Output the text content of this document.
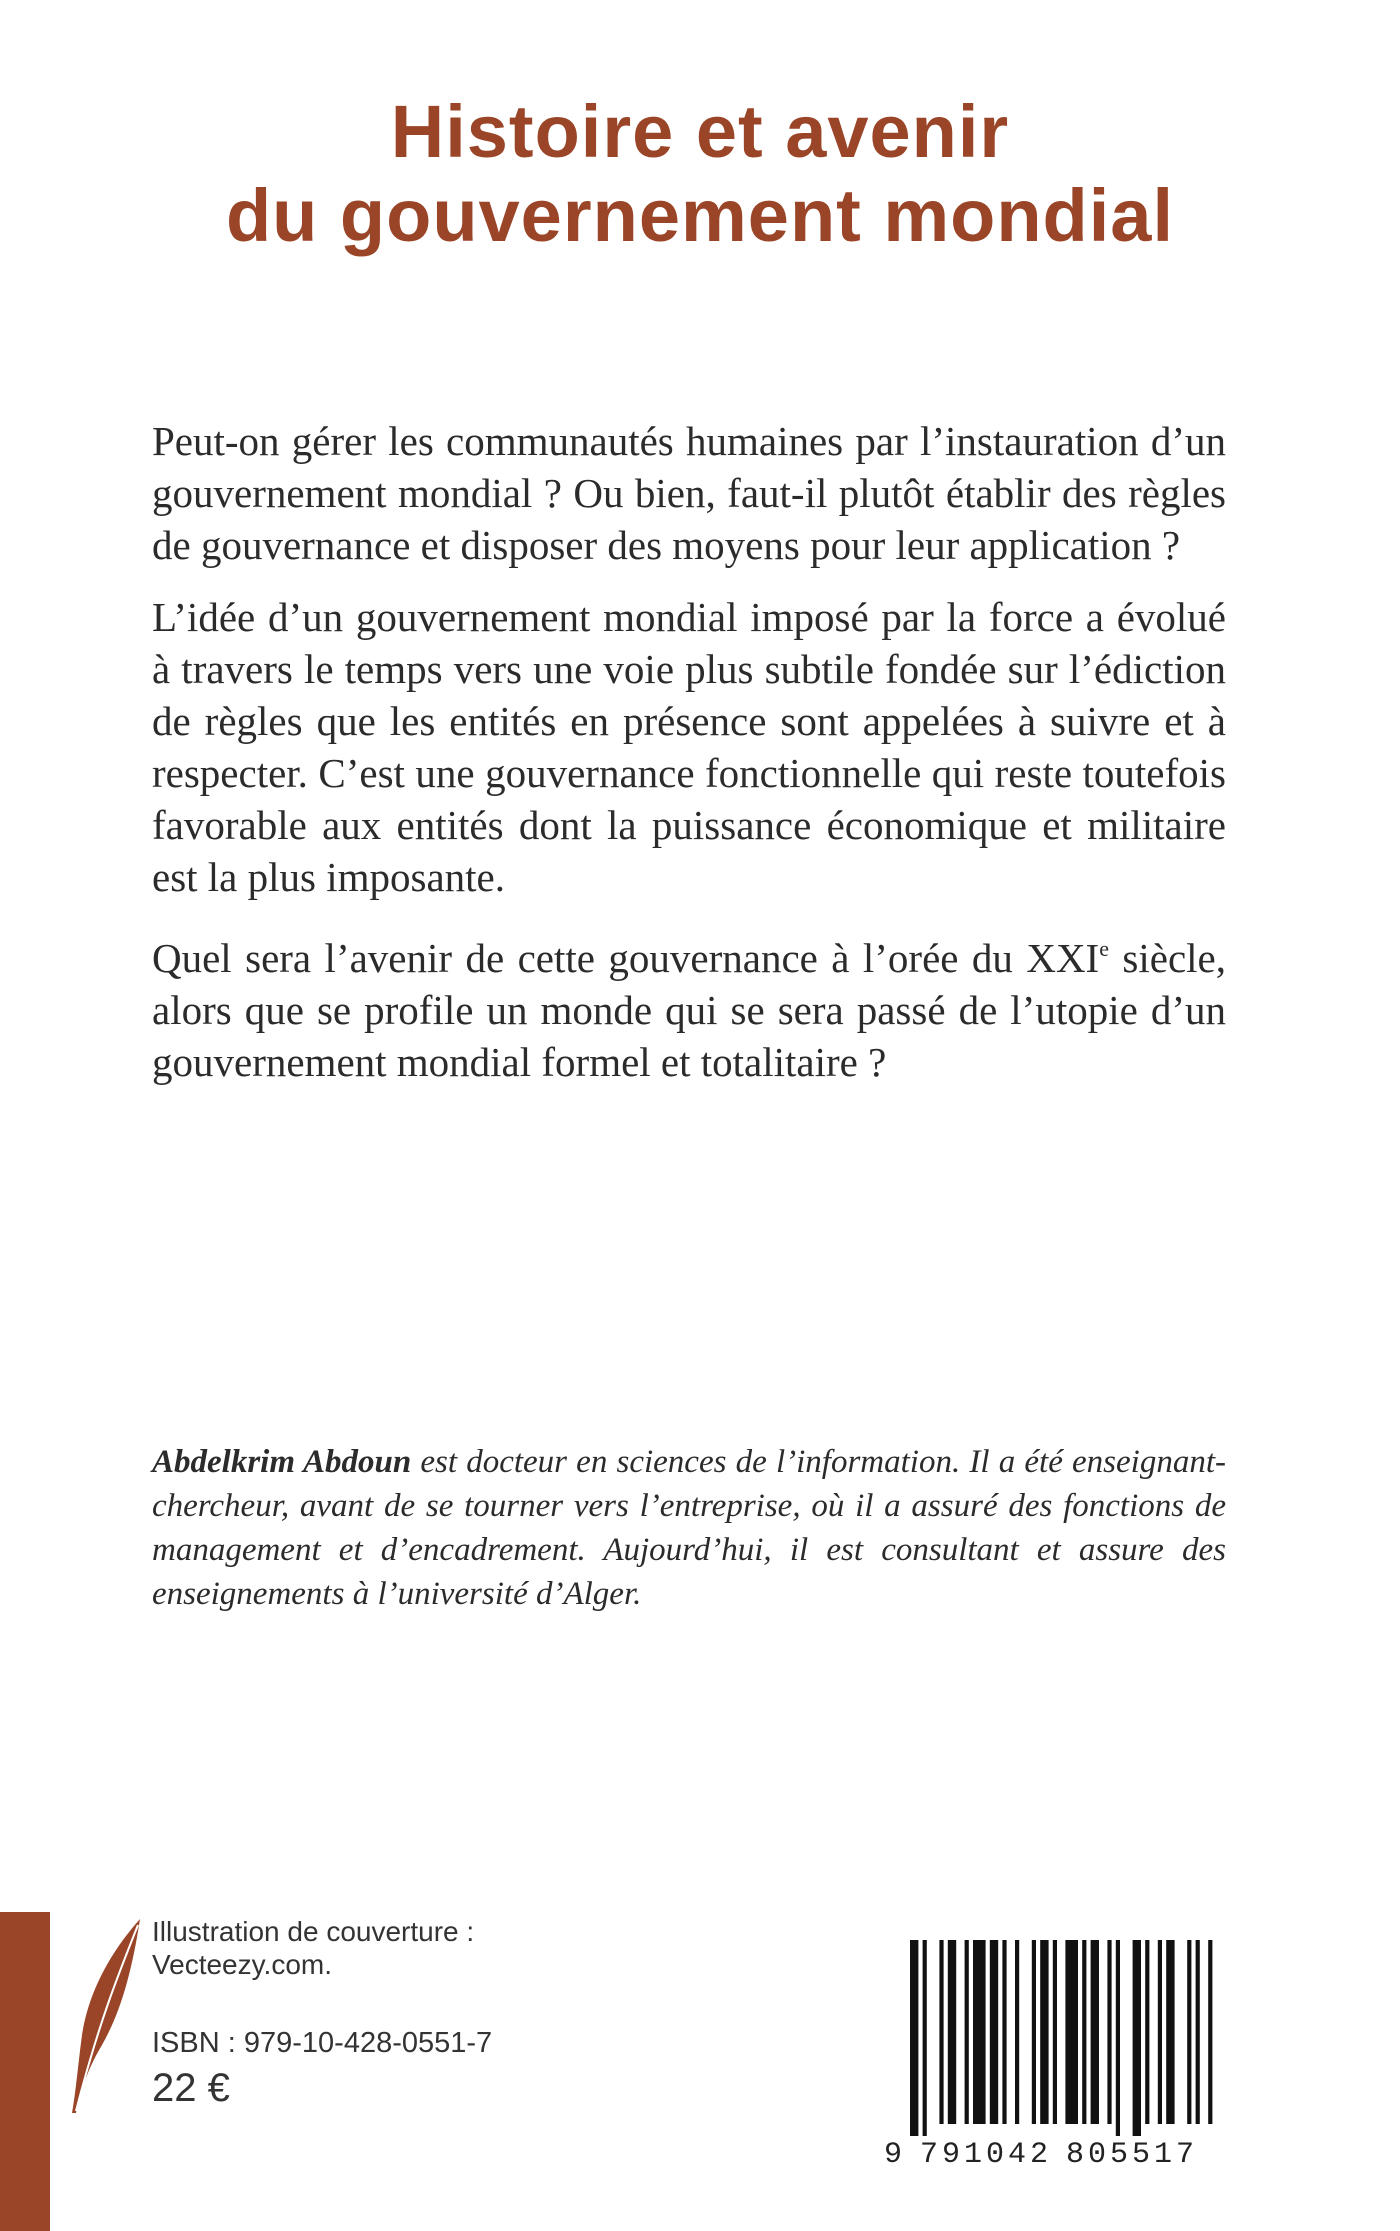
Histoire et avenir
du gouvernement mondial

Peut-on gérer les communautés humaines par l’instauration d’un gouvernement mondial ? Ou bien, faut-il plutôt établir des règles de gouvernance et disposer des moyens pour leur application ?

L’idée d’un gouvernement mondial imposé par la force a évolué à travers le temps vers une voie plus subtile fondée sur l’édiction de règles que les entités en présence sont appelées à suivre et à respecter. C’est une gouvernance fonctionnelle qui reste toutefois favorable aux entités dont la puissance économique et militaire est la plus imposante.

Quel sera l’avenir de cette gouvernance à l’orée du XXIe siècle, alors que se profile un monde qui se sera passé de l’utopie d’un gouvernement mondial formel et totalitaire ?

Abdelkrim Abdoun est docteur en sciences de l’information. Il a été enseignant-chercheur, avant de se tourner vers l’entreprise, où il a assuré des fonctions de management et d’encadrement. Aujourd’hui, il est consultant et assure des enseignements à l’université d’Alger.

Illustration de couverture :
Vecteezy.com.
ISBN : 979-10-428-0551-7
22 €
9 791042 805517
